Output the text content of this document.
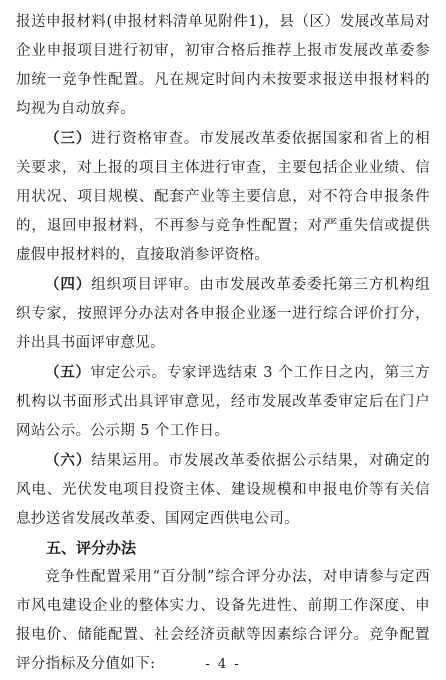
报送申报材料(申报材料清单见附件1)，县（区）发展改革局对企业申报项目进行初审，初审合格后推荐上报市发展改革委参加统一竞争性配置。凡在规定时间内未按要求报送申报材料的均视为自动放弃。

（三）进行资格审查。市发展改革委依据国家和省上的相关要求，对上报的项目主体进行审查，主要包括企业业绩、信用状况、项目规模、配套产业等主要信息，对不符合申报条件的，退回申报材料，不再参与竞争性配置；对严重失信或提供虚假申报材料的，直接取消参评资格。

（四）组织项目评审。由市发展改革委委托第三方机构组织专家，按照评分办法对各申报企业逐一进行综合评价打分，并出具书面评审意见。

（五）审定公示。专家评选结束 3 个工作日之内，第三方机构以书面形式出具评审意见，经市发展改革委审定后在门户网站公示。公示期 5 个工作日。

（六）结果运用。市发展改革委依据公示结果，对确定的风电、光伏发电项目投资主体、建设规模和申报电价等有关信息抄送省发展改革委、国网定西供电公司。

五、评分办法

竞争性配置采用“百分制”综合评分办法，对申请参与定西市风电建设企业的整体实力、设备先进性、前期工作深度、申报电价、储能配置、社会经济贡献等因素综合评分。竞争配置评分指标及分值如下:	- 4 -
